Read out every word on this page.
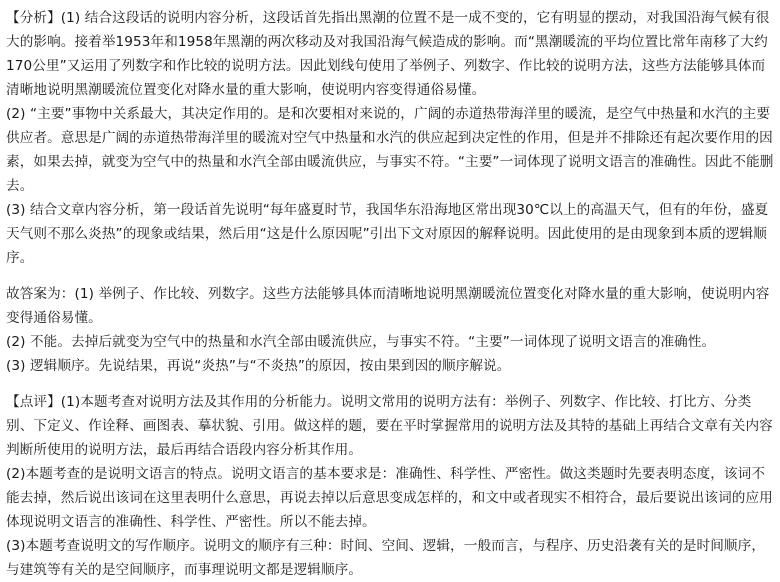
【分析】(1) 结合这段话的说明内容分析，这段话首先指出黑潮的位置不是一成不变的，它有明显的摆动，对我国沿海气候有很大的影响。接着举1953年和1958年黑潮的两次移动及对我国沿海气候造成的影响。而“黑潮暖流的平均位置比常年南移了大约170公里”又运用了列数字和作比较的说明方法。因此划线句使用了举例子、列数字、作比较的说明方法，这些方法能够具体而清晰地说明黑潮暖流位置变化对降水量的重大影响，使说明内容变得通俗易懂。

(2) “主要”事物中关系最大，其决定作用的。是和次要相对来说的，广阔的赤道热带海洋里的暖流，是空气中热量和水汽的主要供应者。意思是广阔的赤道热带海洋里的暖流对空气中热量和水汽的供应起到决定性的作用，但是并不排除还有起次要作用的因素，如果去掉，就变为空气中的热量和水汽全部由暖流供应，与事实不符。“主要”一词体现了说明文语言的准确性。因此不能删去。

(3) 结合文章内容分析，第一段话首先说明“每年盛夏时节，我国华东沿海地区常出现30℃以上的高温天气，但有的年份，盛夏天气则不那么炎热”的现象或结果，然后用“这是什么原因呢”引出下文对原因的解释说明。因此使用的是由现象到本质的逻辑顺序。

故答案为：(1) 举例子、作比较、列数字。这些方法能够具体而清晰地说明黑潮暖流位置变化对降水量的重大影响，使说明内容变得通俗易懂。

(2) 不能。去掉后就变为空气中的热量和水汽全部由暖流供应，与事实不符。“主要”一词体现了说明文语言的准确性。

(3) 逻辑顺序。先说结果，再说“炎热”与“不炎热”的原因，按由果到因的顺序解说。

【点评】(1)本题考查对说明方法及其作用的分析能力。说明文常用的说明方法有：举例子、列数字、作比较、打比方、分类别、下定义、作诠释、画图表、摹状貌、引用。做这样的题，要在平时掌握常用的说明方法及其特的基础上再结合文章有关内容判断所使用的说明方法，最后再结合语段内容分析其作用。

(2)本题考查的是说明文语言的特点。说明文语言的基本要求是：准确性、科学性、严密性。做这类题时先要表明态度，该词不能去掉，然后说出该词在这里表明什么意思，再说去掉以后意思变成怎样的，和文中或者现实不相符合，最后要说出该词的应用体现说明文语言的准确性、科学性、严密性。所以不能去掉。

(3)本题考查说明文的写作顺序。说明文的顺序有三种：时间、空间、逻辑，一般而言，与程序、历史沿袭有关的是时间顺序，与建筑等有关的是空间顺序，而事理说明文都是逻辑顺序。
